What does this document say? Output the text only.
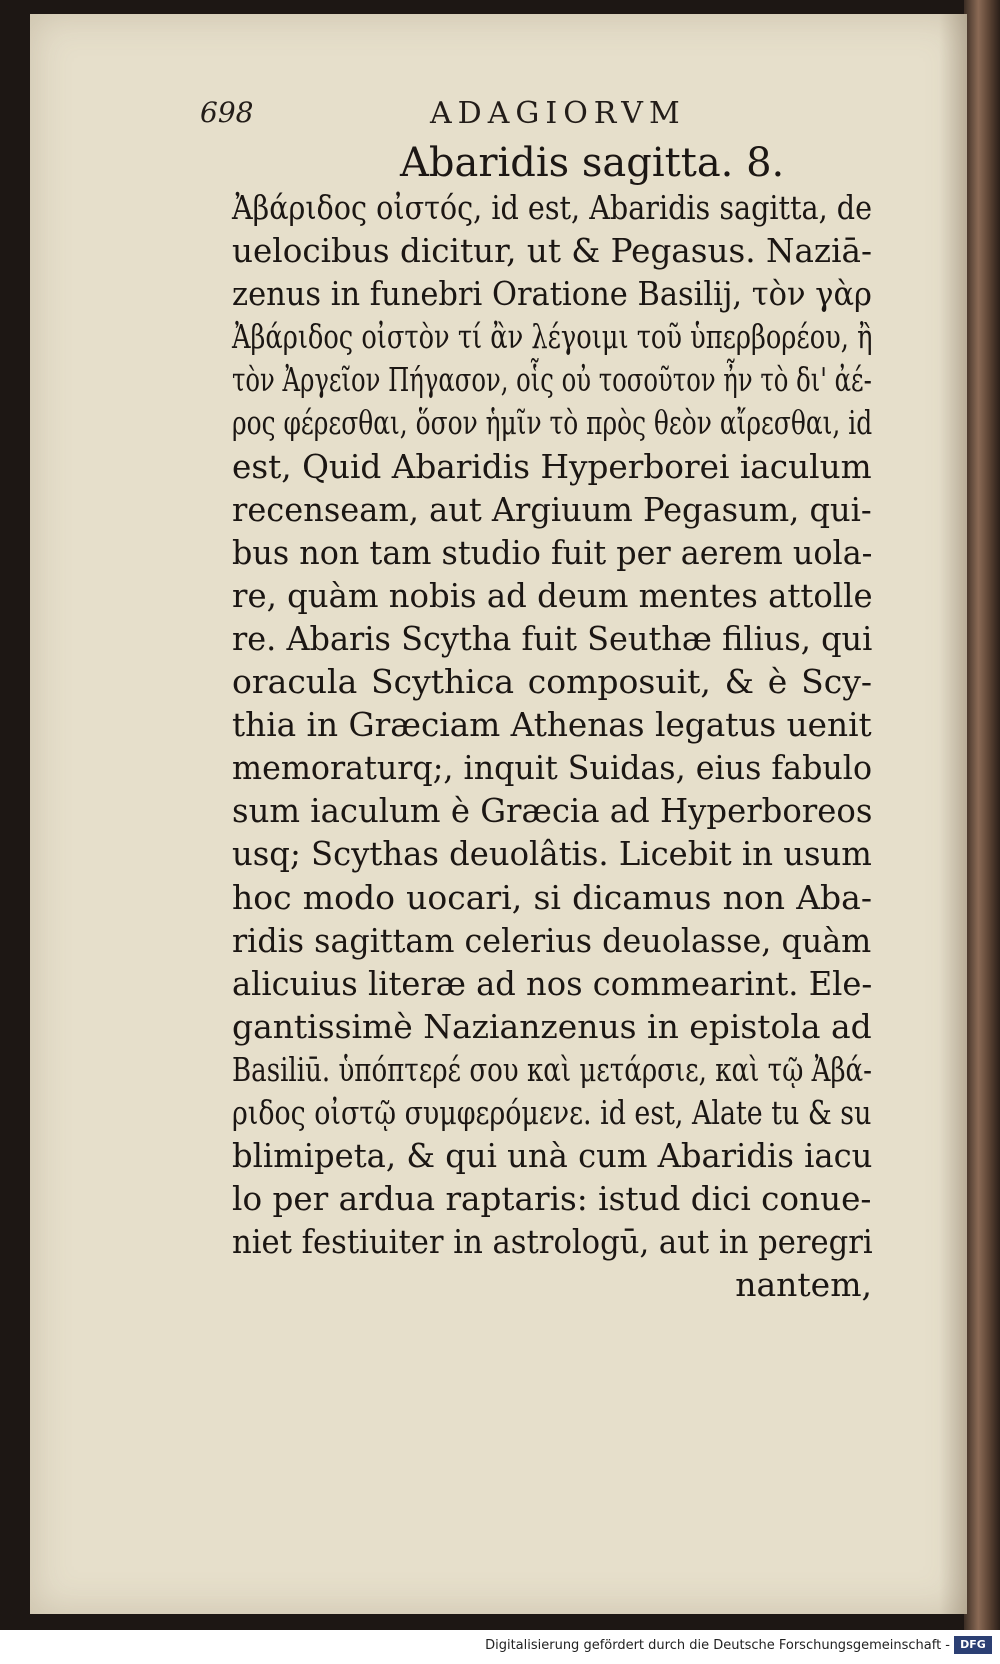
698	ADAGIORVM
Abaridis sagitta. 8.
Ἀβάριδος οἰστός, id est, Abaridis sagitta, de
uelocibus dicitur, ut & Pegasus. Naziā-
zenus in funebri Oratione Basilij, τὸν γὰρ
Ἀβάριδος οἰστὸν τί ἂν λέγοιμι τοῦ ὑπερβορέου, ἢ
τὸν Ἀργεῖον Πήγασον, οἷς οὐ τοσοῦτον ἦν τὸ δι' ἀέ-
ρος φέρεσθαι, ὅσον ἡμῖν τὸ πρὸς θεὸν αἴρεσθαι, id
est, Quid Abaridis Hyperborei iaculum
recenseam, aut Argiuum Pegasum, qui-
bus non tam studio fuit per aerem uola-
re, quàm nobis ad deum mentes attolle
re. Abaris Scytha fuit Seuthæ filius, qui
oracula Scythica composuit, & è Scy-
thia in Græciam Athenas legatus uenit
memoraturq;, inquit Suidas, eius fabulo
sum iaculum è Græcia ad Hyperboreos
usq; Scythas deuolâtis. Licebit in usum
hoc modo uocari, si dicamus non Aba-
ridis sagittam celerius deuolasse, quàm
alicuius literæ ad nos commearint. Ele-
gantissimè Nazianzenus in epistola ad
Basiliū. ὑπόπτερέ σου καὶ μετάρσιε, καὶ τῷ Ἀβά-
ριδος οἰστῷ συμφερόμενε. id est, Alate tu & su
blimipeta, & qui unà cum Abaridis iacu
lo per ardua raptaris: istud dici conue-
niet festiuiter in astrologū, aut in peregri
nantem,
Digitalisierung gefördert durch die Deutsche Forschungsgemeinschaft - DFG
